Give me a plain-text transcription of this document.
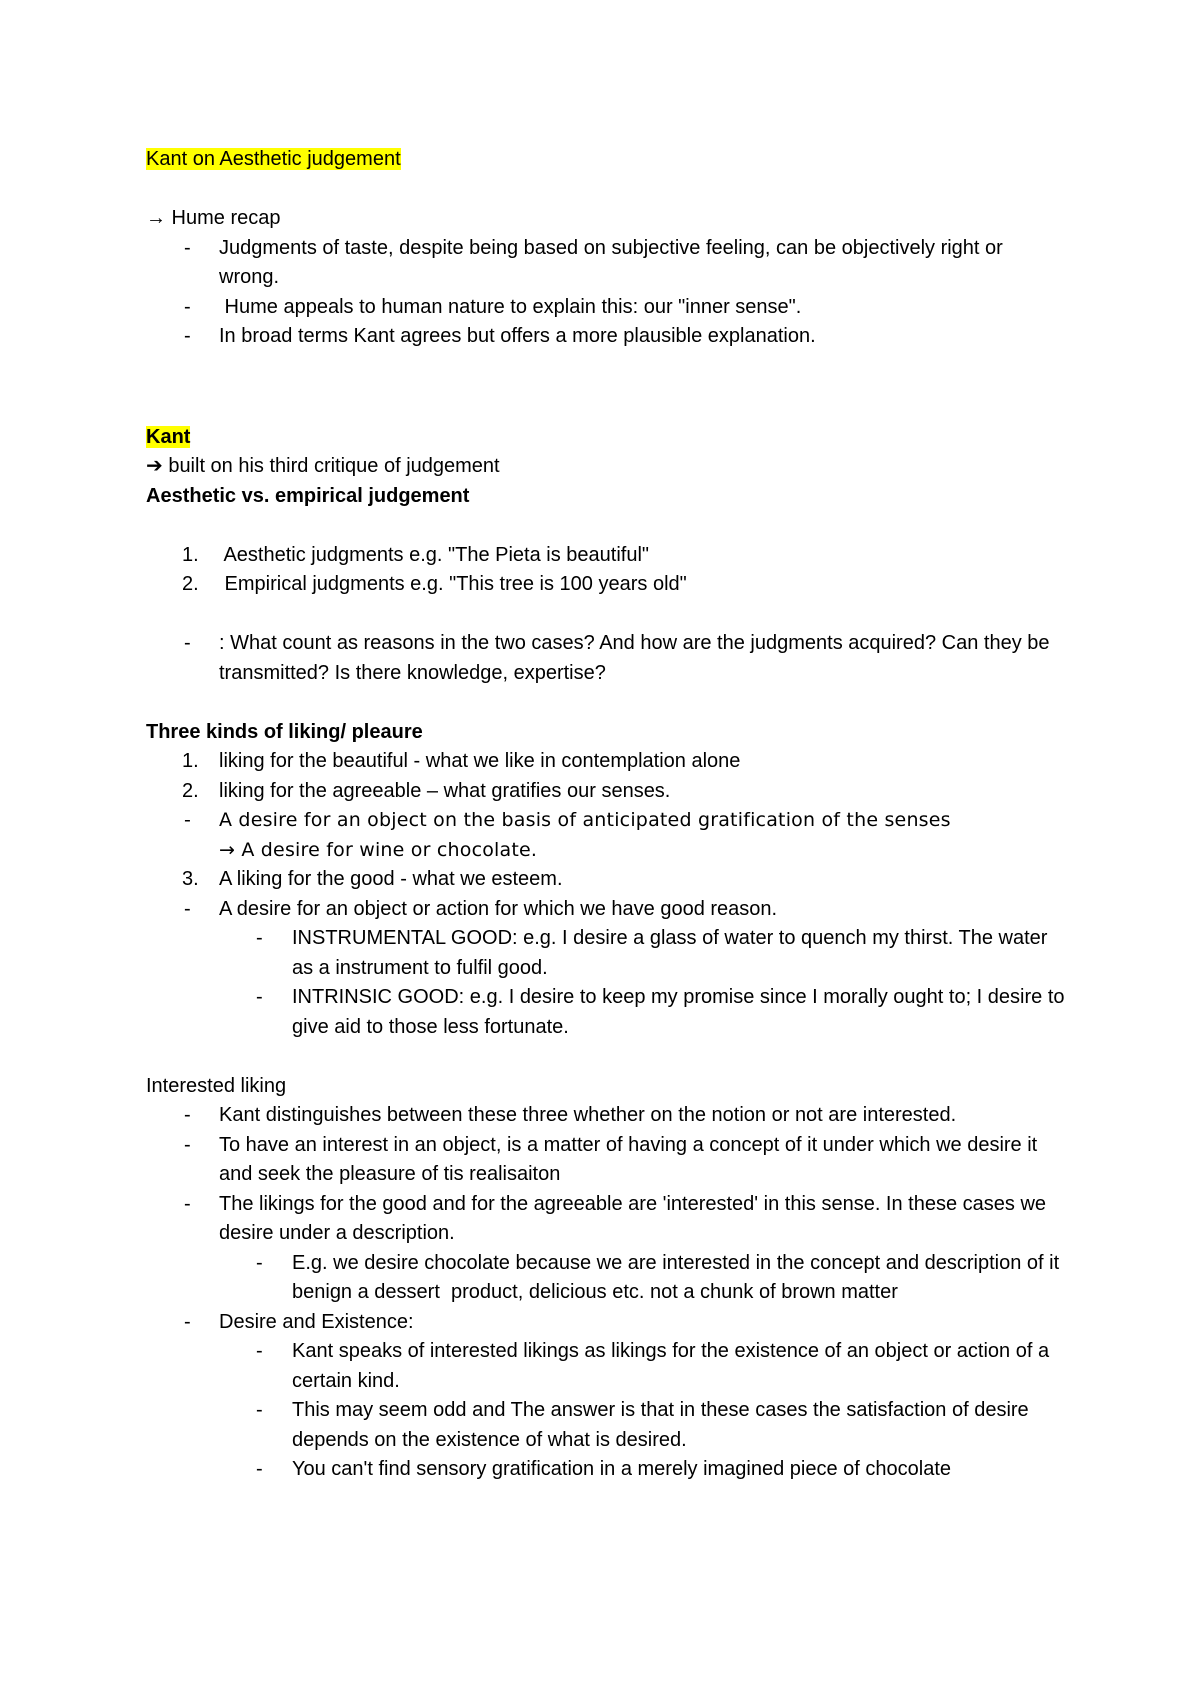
Kant on Aesthetic judgement
→ Hume recap
- Judgments of taste, despite being based on subjective feeling, can be objectively right or wrong.
- Hume appeals to human nature to explain this: our "inner sense".
- In broad terms Kant agrees but offers a more plausible explanation.
Kant
➔ built on his third critique of judgement
Aesthetic vs. empirical judgement
1. Aesthetic judgments e.g. "The Pieta is beautiful"
2. Empirical judgments e.g. "This tree is 100 years old"
- : What count as reasons in the two cases? And how are the judgments acquired? Can they be transmitted? Is there knowledge, expertise?
Three kinds of liking/ pleaure
1. liking for the beautiful - what we like in contemplation alone
2. liking for the agreeable – what gratifies our senses.
- A desire for an object on the basis of anticipated gratification of the senses
→ A desire for wine or chocolate.
3. A liking for the good - what we esteem.
- A desire for an object or action for which we have good reason.
- INSTRUMENTAL GOOD: e.g. I desire a glass of water to quench my thirst. The water as a instrument to fulfil good.
- INTRINSIC GOOD: e.g. I desire to keep my promise since I morally ought to; I desire to give aid to those less fortunate.
Interested liking
- Kant distinguishes between these three whether on the notion or not are interested.
- To have an interest in an object, is a matter of having a concept of it under which we desire it and seek the pleasure of tis realisaiton
- The likings for the good and for the agreeable are 'interested' in this sense. In these cases we desire under a description.
- E.g. we desire chocolate because we are interested in the concept and description of it benign a dessert  product, delicious etc. not a chunk of brown matter
- Desire and Existence:
- Kant speaks of interested likings as likings for the existence of an object or action of a certain kind.
- This may seem odd and The answer is that in these cases the satisfaction of desire depends on the existence of what is desired.
- You can't find sensory gratification in a merely imagined piece of chocolate
